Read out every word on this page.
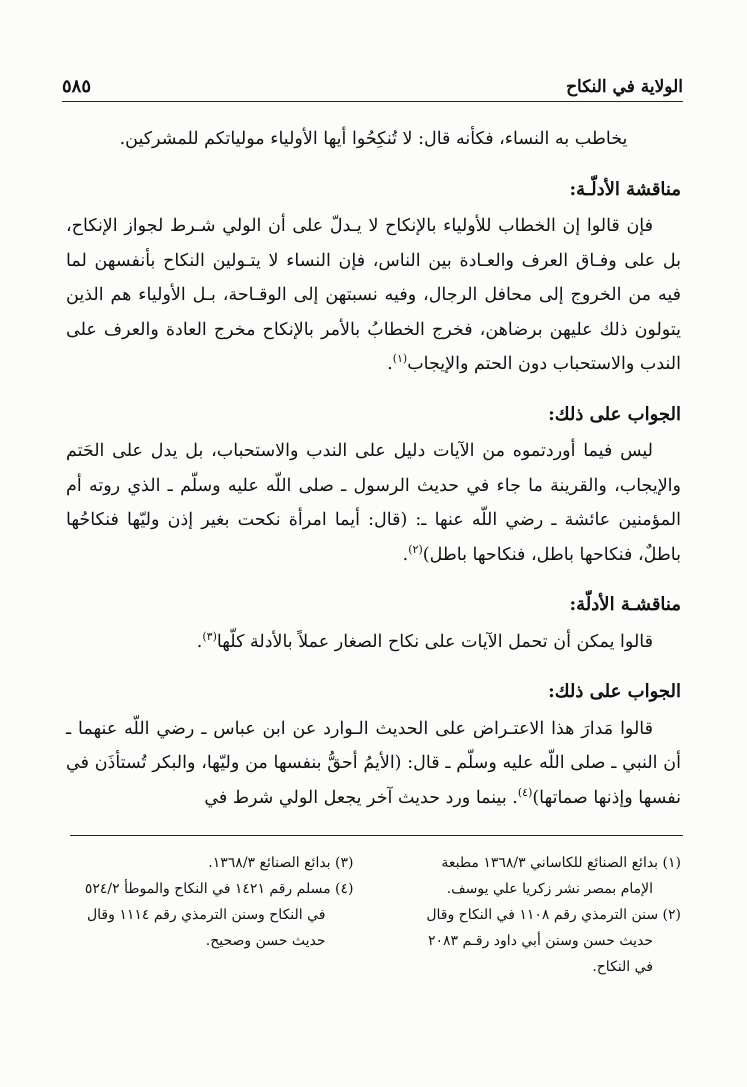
الولاية في النكاح
٥٨٥

يخاطب به النساء، فكأنه قال: لا تُنكِحُوا أيها الأولياء مولياتكم للمشركين.

مناقشة الأدلّـة:

فإن قالوا إن الخطاب للأولياء بالإنكاح لا يـدلّ على أن الولي شـرط لجواز الإنكاح، بل على وفـاق العرف والعـادة بين الناس، فإن النساء لا يتـولين النكاح بأنفسهن لما فيه من الخروج إلى محافل الرجال، وفيه نسبتهن إلى الوقـاحة، بـل الأولياء هم الذين يتولون ذلك عليهن برضاهن، فخرج الخطابُ بالأمر بالإنكاح مخرج العادة والعرف على الندب والاستحباب دون الحتم والإيجاب$^{(١)}$.

الجواب على ذلك:

ليس فيما أوردتموه من الآيات دليل على الندب والاستحباب، بل يدل على الحَتم والإيجاب، والقرينة ما جاء في حديث الرسول ـ صلى اللّه عليه وسلّم ـ الذي روته أم المؤمنين عائشة ـ رضي اللّه عنها ـ: (قال: أيما امرأة نكحت بغير إذن وليّها فنكاحُها باطلٌ، فنكاحها باطل، فنكاحها باطل)$^{(٢)}$.

مناقشـة الأدلّة:

قالوا يمكن أن تحمل الآيات على نكاح الصغار عملاً بالأدلة كلّها$^{(٣)}$.

الجواب على ذلك:

قالوا مَدارَ هذا الاعتـراض على الحديث الـوارد عن ابن عباس ـ رضي اللّه عنهما ـ أن النبي ـ صلى اللّه عليه وسلّم ـ قال: (الأيمُ أحقُّ بنفسها من وليّها، والبكر تُستأذَن في نفسها وإذنها صماتها)$^{(٤)}$. بينما ورد حديث آخر يجعل الولي شرط في

(١) بدائع الصنائع للكاساني ١٣٦٨/٣ مطبعة
الإمام بمصر نشر زكريا علي يوسف.

(٢) سنن الترمذي رقم ١١٠٨ في النكاح وقال
حديث حسن وسنن أبي داود رقـم ٢٠٨٣
في النكاح.

(٣) بدائع الصنائع ١٣٦٨/٣.

(٤) مسلم رقم ١٤٢١ في النكاح والموطأ ٥٢٤/٢
في النكاح وسنن الترمذي رقم ١١١٤ وقال
حديث حسن وصحيح.
